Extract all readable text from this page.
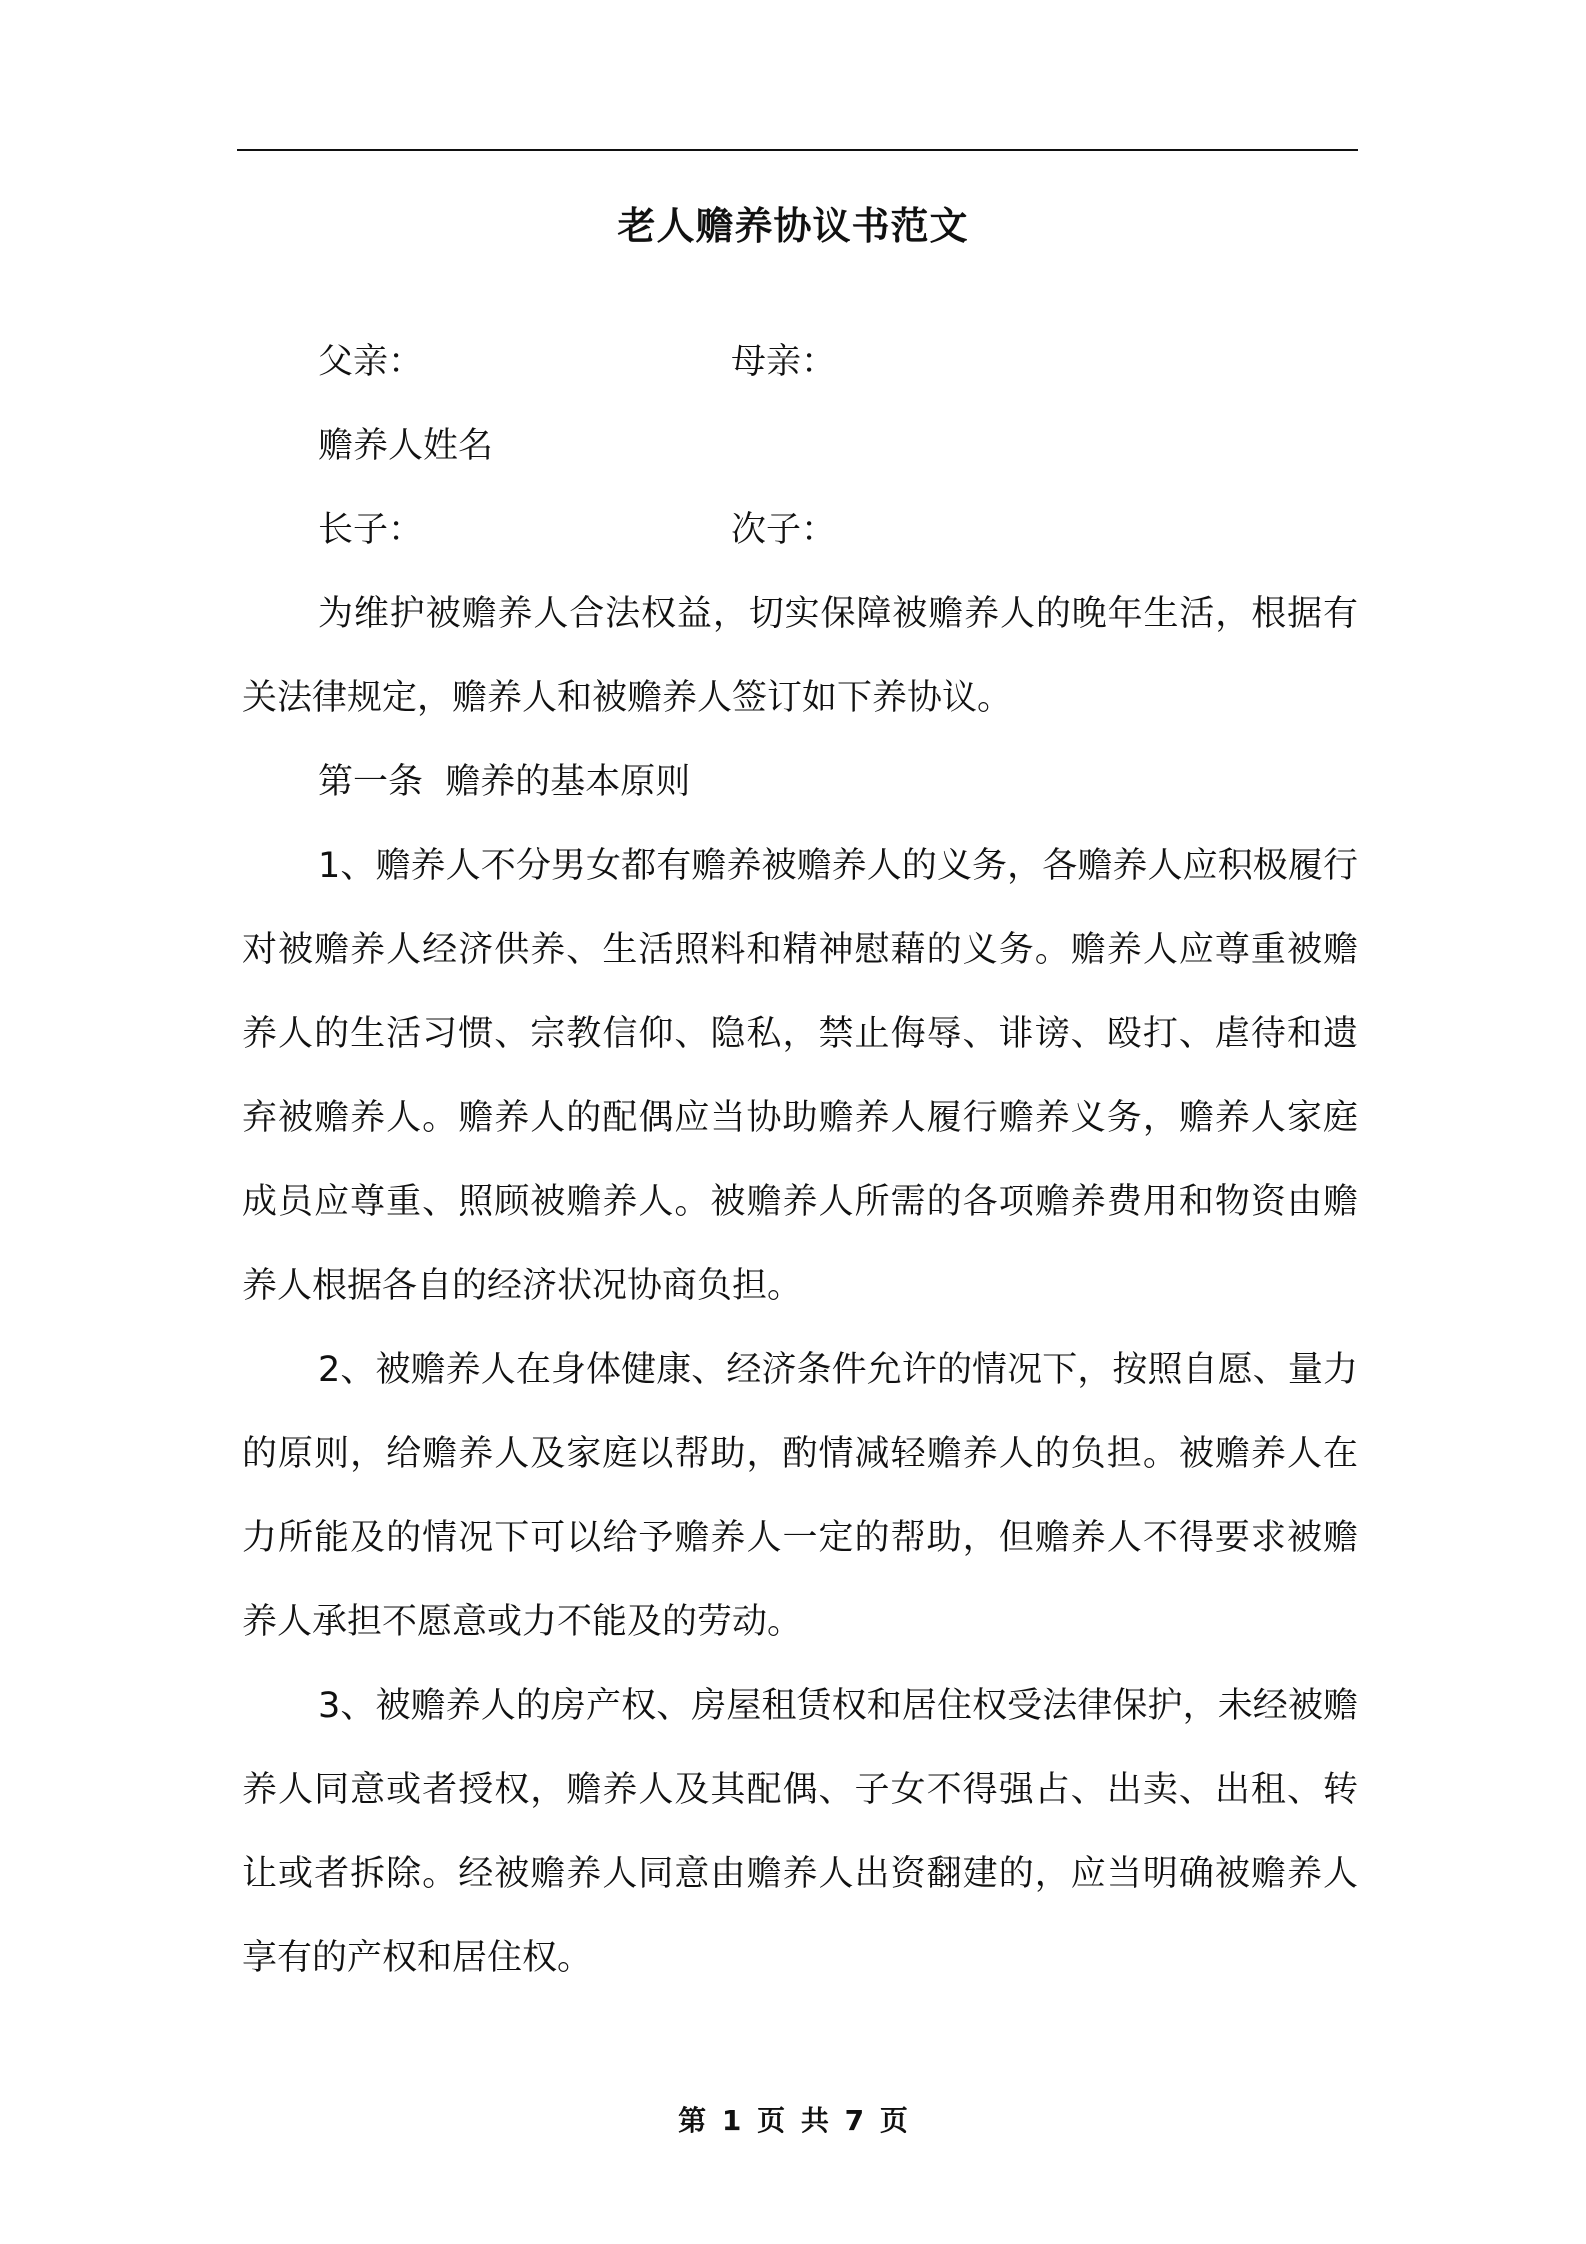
老人赡养协议书范文
父亲：	母亲：
赡养人姓名
长子：	次子：

为维护被赡养人合法权益，切实保障被赡养人的晚年生活，根据有关法律规定，赡养人和被赡养人签订如下养协议。

第一条  赡养的基本原则

1、赡养人不分男女都有赡养被赡养人的义务，各赡养人应积极履行对被赡养人经济供养、生活照料和精神慰藉的义务。赡养人应尊重被赡养人的生活习惯、宗教信仰、隐私，禁止侮辱、诽谤、殴打、虐待和遗弃被赡养人。赡养人的配偶应当协助赡养人履行赡养义务，赡养人家庭成员应尊重、照顾被赡养人。被赡养人所需的各项赡养费用和物资由赡养人根据各自的经济状况协商负担。

2、被赡养人在身体健康、经济条件允许的情况下，按照自愿、量力的原则，给赡养人及家庭以帮助，酌情减轻赡养人的负担。被赡养人在力所能及的情况下可以给予赡养人一定的帮助，但赡养人不得要求被赡养人承担不愿意或力不能及的劳动。

3、被赡养人的房产权、房屋租赁权和居住权受法律保护，未经被赡养人同意或者授权，赡养人及其配偶、子女不得强占、出卖、出租、转让或者拆除。经被赡养人同意由赡养人出资翻建的，应当明确被赡养人享有的产权和居住权。

第 1 页 共 7 页
